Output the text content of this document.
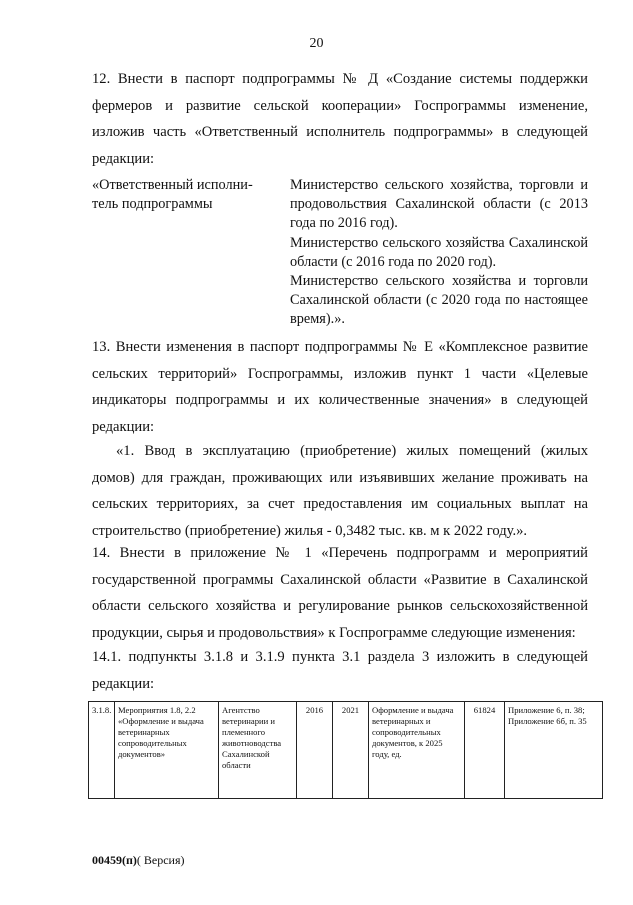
20

12. Внести в паспорт подпрограммы № Д «Создание системы поддержки фермеров и развитие сельской кооперации» Госпрограммы изменение, изложив часть «Ответственный исполнитель подпрограммы» в следующей редакции:

«Ответственный исполни-тель подпрограммы

Министерство сельского хозяйства, торговли и продовольствия Сахалинской области (с 2013 года по 2016 год).

Министерство сельского хозяйства Сахалинской области (с 2016 года по 2020 год).

Министерство сельского хозяйства и торговли Сахалинской области (с 2020 года по настоящее время).».

13. Внести изменения в паспорт подпрограммы № Е «Комплексное развитие сельских территорий» Госпрограммы, изложив пункт 1 части «Целевые индикаторы подпрограммы и их количественные значения» в следующей редакции:

«1. Ввод в эксплуатацию (приобретение) жилых помещений (жилых домов) для граждан, проживающих или изъявивших желание проживать на сельских территориях, за счет предоставления им социальных выплат на строительство (приобретение) жилья - 0,3482 тыс. кв. м к 2022 году.».

14. Внести в приложение № 1 «Перечень подпрограмм и мероприятий государственной программы Сахалинской области «Развитие в Сахалинской области сельского хозяйства и регулирование рынков сельскохозяйственной продукции, сырья и продовольствия» к Госпрограмме следующие изменения:

14.1. подпункты 3.1.8 и 3.1.9 пункта 3.1 раздела 3 изложить в следующей редакции:

3.1.8.	Мероприятия 1.8, 2.2 «Оформление и выдача ветеринарных сопроводительных документов»	Агентство ветеринарии и племенного животноводства Сахалинской области	2016	2021	Оформление и выдача ветеринарных и сопроводительных документов, к 2025 году, ед.	61824	Приложение 6, п. 38; Приложение 6б, п. 35
00459(п)( Версия)
